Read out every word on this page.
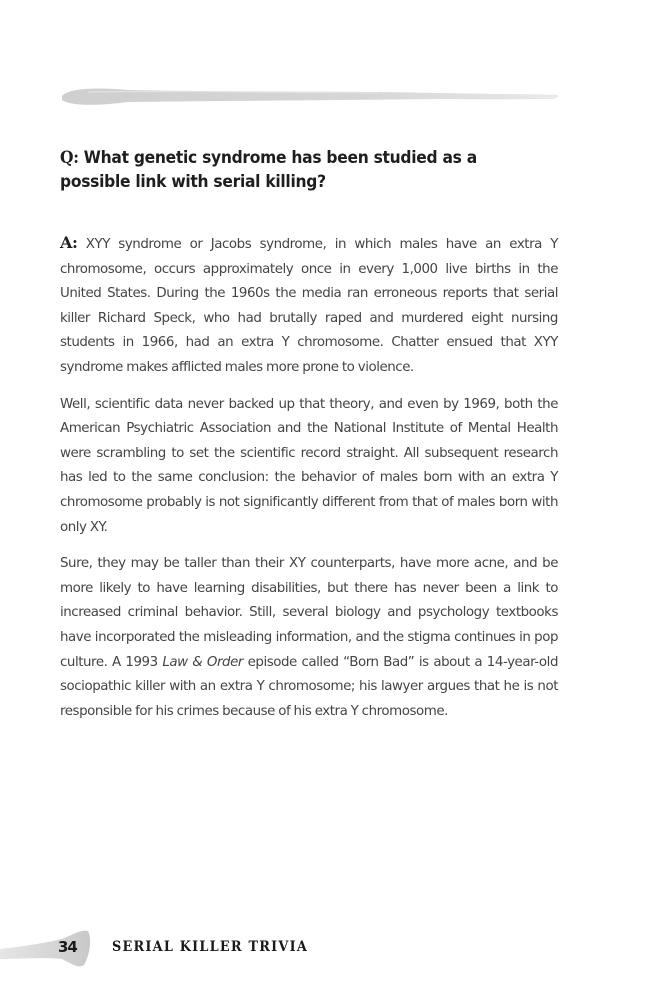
Q: What genetic syndrome has been studied as a possible link with serial killing?

A: XYY syndrome or Jacobs syndrome, in which males have an extra Y chromosome, occurs approximately once in every 1,000 live births in the United States. During the 1960s the media ran erroneous reports that serial killer Richard Speck, who had brutally raped and murdered eight nursing students in 1966, had an extra Y chromosome. Chatter ensued that XYY syndrome makes afflicted males more prone to violence.

Well, scientific data never backed up that theory, and even by 1969, both the American Psychiatric Association and the National Institute of Mental Health were scrambling to set the scientific record straight. All subsequent research has led to the same conclusion: the behavior of males born with an extra Y chromosome probably is not significantly different from that of males born with only XY.

Sure, they may be taller than their XY counterparts, have more acne, and be more likely to have learning disabilities, but there has never been a link to increased criminal behavior. Still, several biology and psychology textbooks have incorporated the misleading information, and the stigma continues in pop culture. A 1993 Law & Order episode called “Born Bad” is about a 14-year-old sociopathic killer with an extra Y chromosome; his lawyer argues that he is not responsible for his crimes because of his extra Y chromosome.

34	SERIAL KILLER TRIVIA
